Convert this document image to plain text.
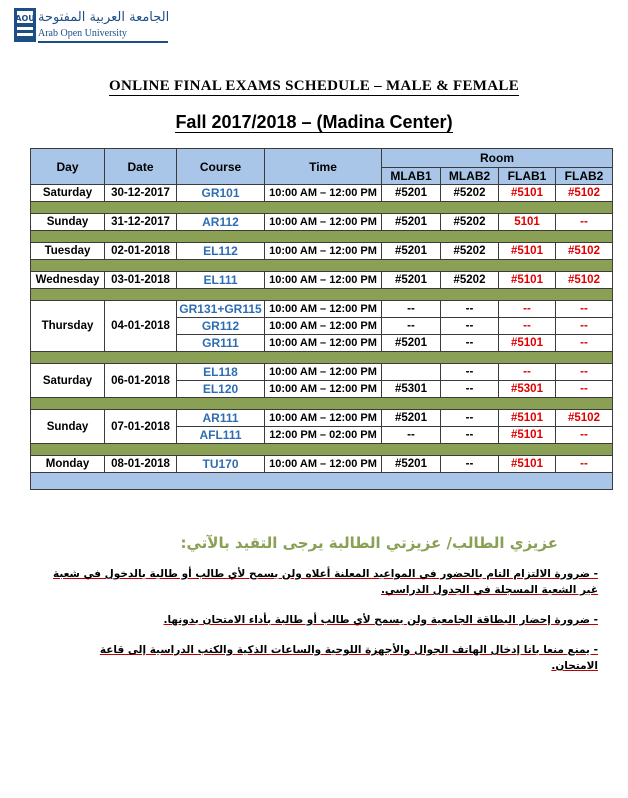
AOU الجامعة العربية المفتوحة
Arab Open University
ONLINE FINAL EXAMS SCHEDULE – MALE & FEMALE
Fall 2017/2018 – (Madina Center)
Day	Date	Course	Time	Room			
				MLAB1	MLAB2	FLAB1	FLAB2
Saturday	30-12-2017	GR101	10:00 AM – 12:00 PM	#5201	#5202	#5101	#5102

Sunday	31-12-2017	AR112	10:00 AM – 12:00 PM	#5201	#5202	5101	--

Tuesday	02-01-2018	EL112	10:00 AM – 12:00 PM	#5201	#5202	#5101	#5102

Wednesday	03-01-2018	EL111	10:00 AM – 12:00 PM	#5201	#5202	#5101	#5102

Thursday	04-01-2018	GR131+GR115	10:00 AM – 12:00 PM	--	--	--	--
		GR112	10:00 AM – 12:00 PM	--	--	--	--
		GR111	10:00 AM – 12:00 PM	#5201	--	#5101	--

Saturday	06-01-2018	EL118	10:00 AM – 12:00 PM		--	--	--
		EL120	10:00 AM – 12:00 PM	#5301	--	#5301	--

Sunday	07-01-2018	AR111	10:00 AM – 12:00 PM	#5201	--	#5101	#5102
		AFL111	12:00 PM – 02:00 PM	--	--	#5101	--

Monday	08-01-2018	TU170	10:00 AM – 12:00 PM	#5201	--	#5101	--

عزيزي الطالب/ عزيزتي الطالبة يرجى التقيد بالآتي:
- ضرورة الالتزام التام بالحضور في المواعيد المعلنة أعلاه ولن يسمح لأي طالب أو طالبة بالدخول في شعبة غير الشعبة المسجلة في الجدول الدراسي.
- ضرورة إحضار البطاقة الجامعية ولن يسمح لأي طالب أو طالبة بأداء الامتحان بدونها.
- يمنع منعا باتا إدخال الهاتف الجوال والأجهزة اللوحية والساعات الذكية والكتب الدراسية إلى قاعة الامتحان.
